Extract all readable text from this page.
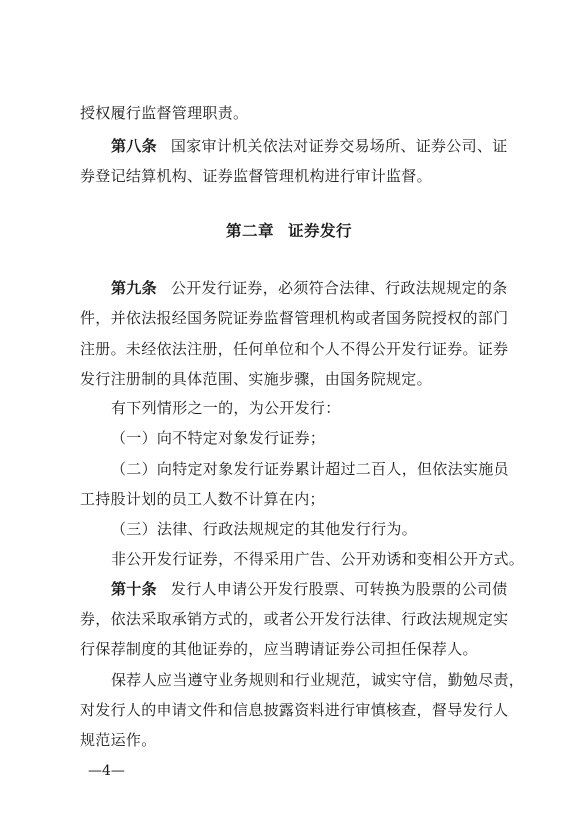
授权履行监督管理职责。
第八条 国家审计机关依法对证券交易场所、证券公司、证
券登记结算机构、证券监督管理机构进行审计监督。
第二章 证券发行
第九条 公开发行证券，必须符合法律、行政法规规定的条
件，并依法报经国务院证券监督管理机构或者国务院授权的部门
注册。未经依法注册，任何单位和个人不得公开发行证券。证券
发行注册制的具体范围、实施步骤，由国务院规定。
有下列情形之一的，为公开发行：
（一）向不特定对象发行证券；
（二）向特定对象发行证券累计超过二百人，但依法实施员
工持股计划的员工人数不计算在内；
（三）法律、行政法规规定的其他发行行为。
非公开发行证券，不得采用广告、公开劝诱和变相公开方式。
第十条 发行人申请公开发行股票、可转换为股票的公司债
券，依法采取承销方式的，或者公开发行法律、行政法规规定实
行保荐制度的其他证券的，应当聘请证券公司担任保荐人。
保荐人应当遵守业务规则和行业规范，诚实守信，勤勉尽责，
对发行人的申请文件和信息披露资料进行审慎核查，督导发行人
规范运作。
—4—
